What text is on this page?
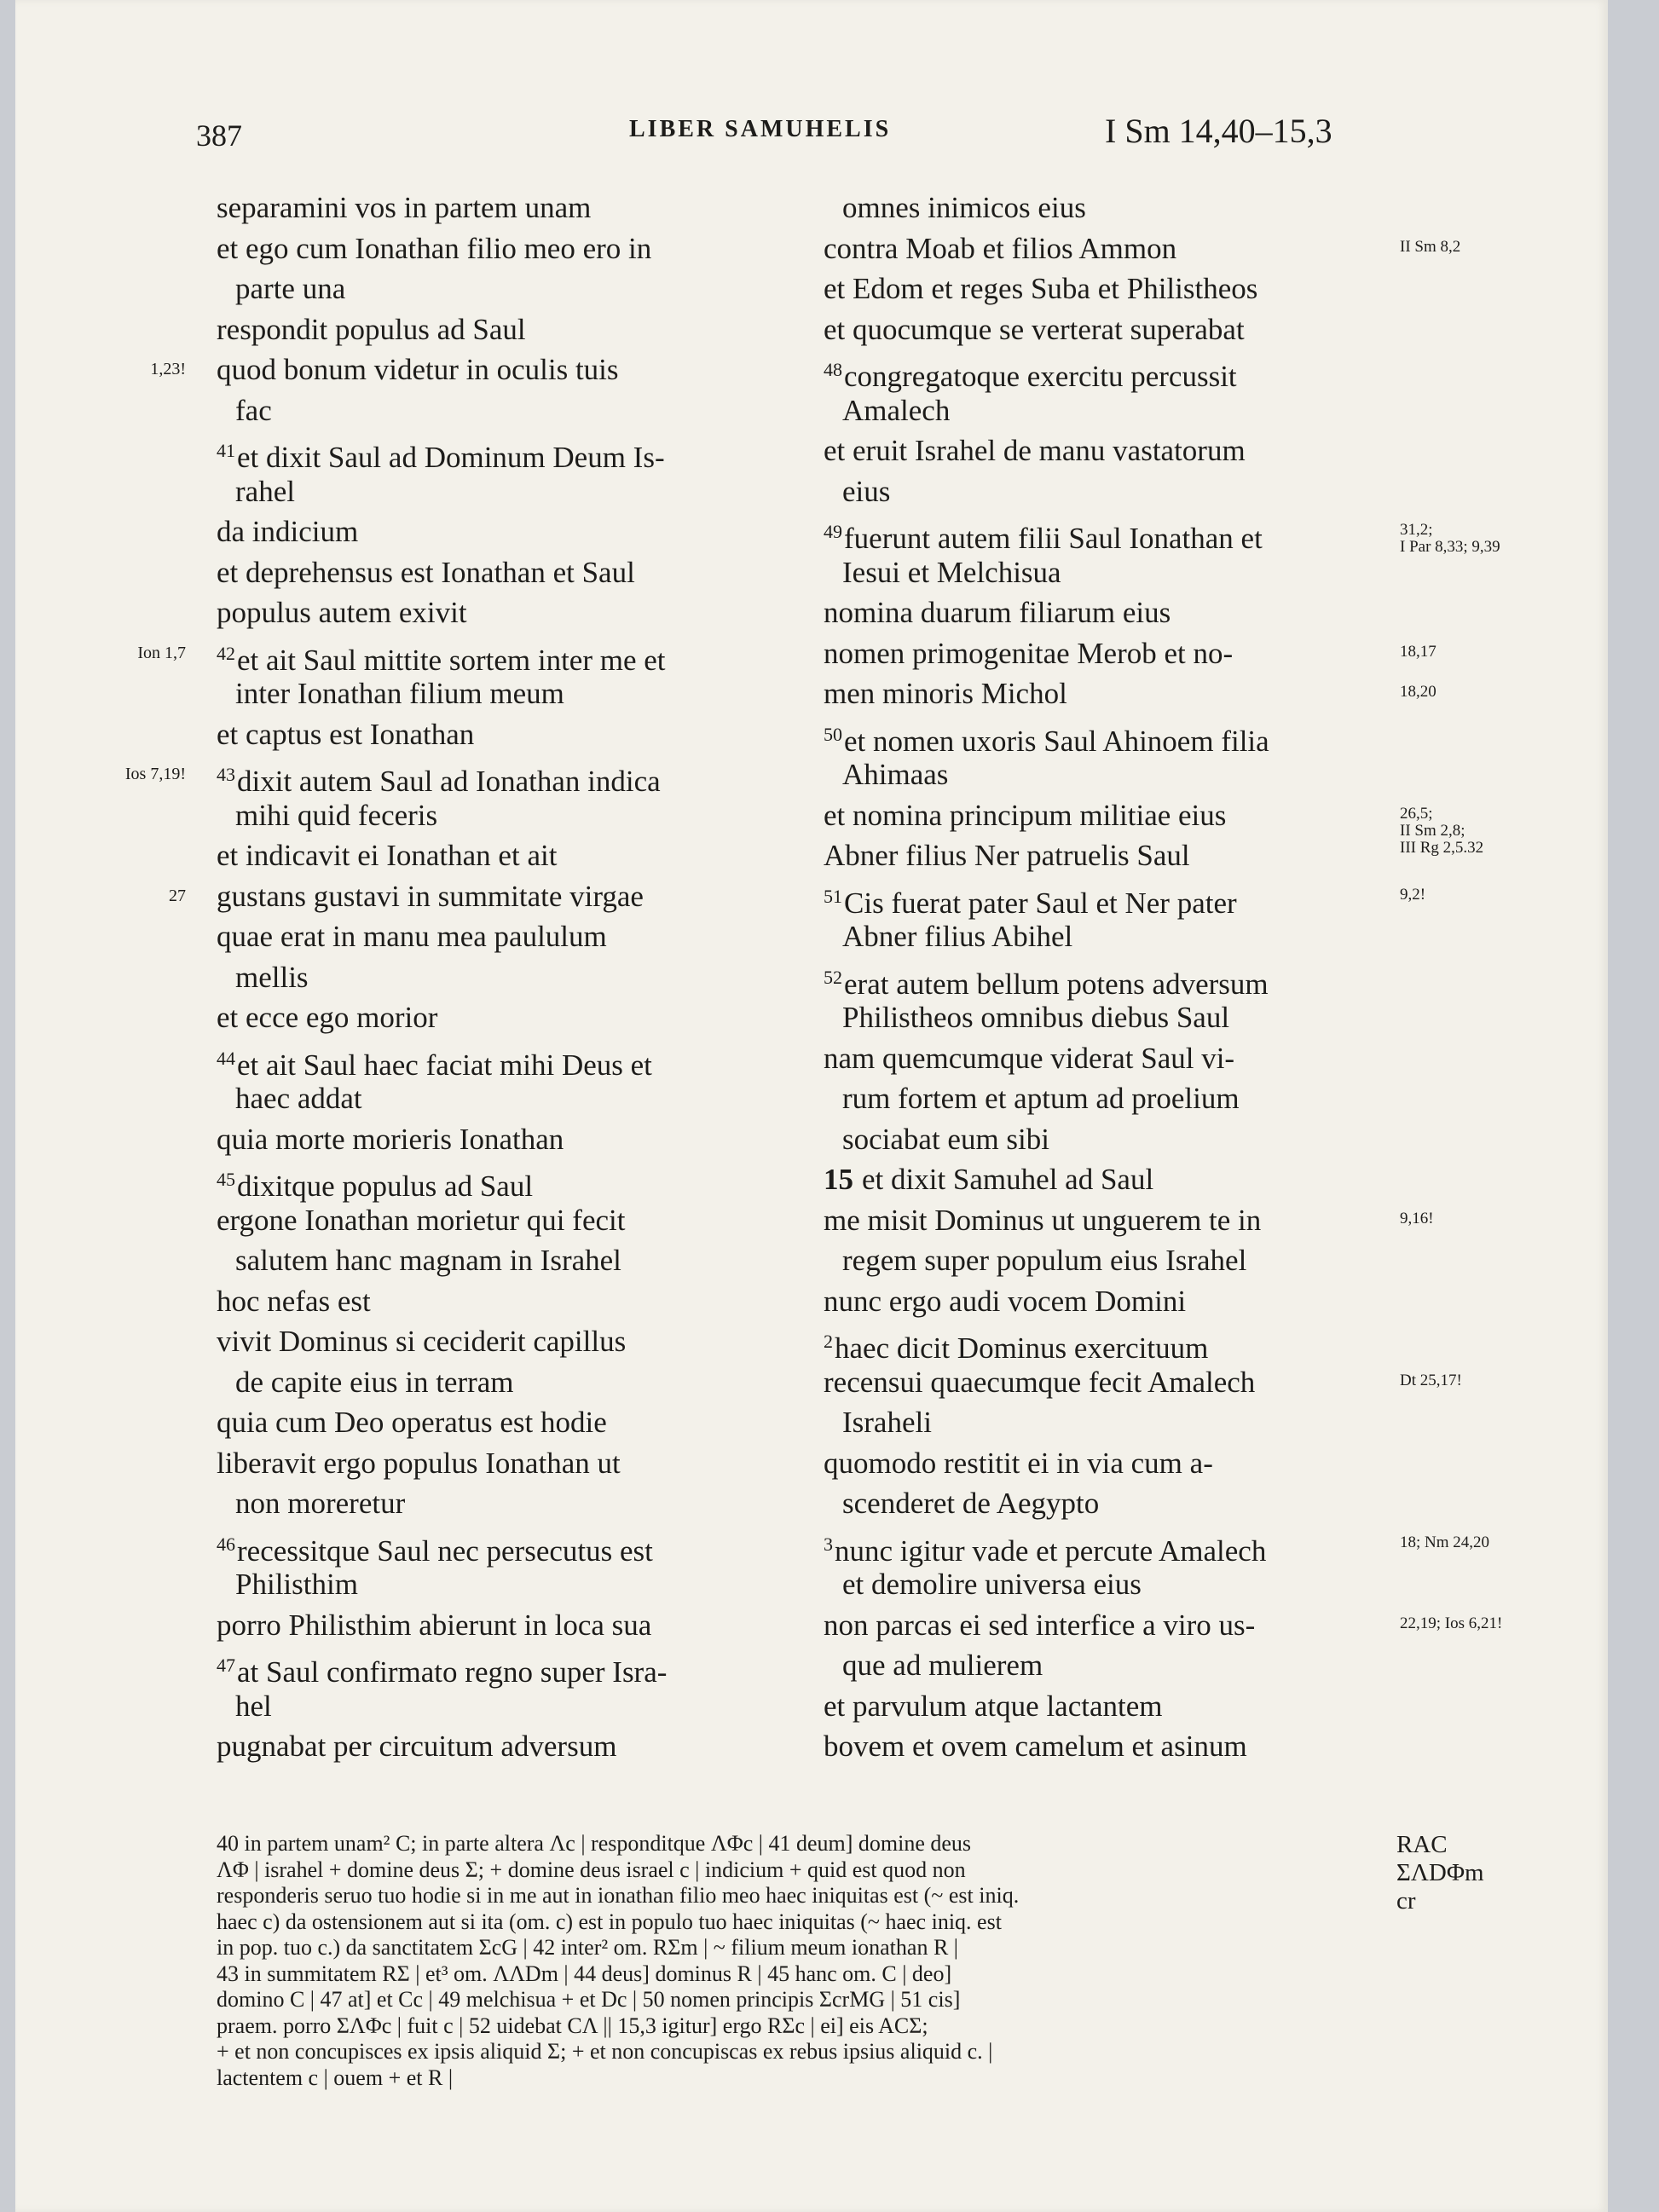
387	LIBER SAMUHELIS	I Sm 14,40–15,3
separamini vos in partem unam
et ego cum Ionathan filio meo ero in
parte una
respondit populus ad Saul
quod bonum videtur in oculis tuis
fac
$^{41}$et dixit Saul ad Dominum Deum Is-
rahel
da indicium
et deprehensus est Ionathan et Saul
populus autem exivit
$^{42}$et ait Saul mittite sortem inter me et
inter Ionathan filium meum
et captus est Ionathan
$^{43}$dixit autem Saul ad Ionathan indica
mihi quid feceris
et indicavit ei Ionathan et ait
gustans gustavi in summitate virgae
quae erat in manu mea paululum
mellis
et ecce ego morior
$^{44}$et ait Saul haec faciat mihi Deus et
haec addat
quia morte morieris Ionathan
$^{45}$dixitque populus ad Saul
ergone Ionathan morietur qui fecit
salutem hanc magnam in Israhel
hoc nefas est
vivit Dominus si ceciderit capillus
de capite eius in terram
quia cum Deo operatus est hodie
liberavit ergo populus Ionathan ut
non moreretur
$^{46}$recessitque Saul nec persecutus est
Philisthim
porro Philisthim abierunt in loca sua
$^{47}$at Saul confirmato regno super Isra-
hel
pugnabat per circuitum adversum
omnes inimicos eius
contra Moab et filios Ammon
et Edom et reges Suba et Philistheos
et quocumque se verterat superabat
$^{48}$congregatoque exercitu percussit
Amalech
et eruit Israhel de manu vastatorum
eius
$^{49}$fuerunt autem filii Saul Ionathan et
Iesui et Melchisua
nomina duarum filiarum eius
nomen primogenitae Merob et no-
men minoris Michol
$^{50}$et nomen uxoris Saul Ahinoem filia
Ahimaas
et nomina principum militiae eius
Abner filius Ner patruelis Saul
$^{51}$Cis fuerat pater Saul et Ner pater
Abner filius Abihel
$^{52}$erat autem bellum potens adversum
Philistheos omnibus diebus Saul
nam quemcumque viderat Saul vi-
rum fortem et aptum ad proelium
sociabat eum sibi
15 et dixit Samuhel ad Saul
me misit Dominus ut unguerem te in
regem super populum eius Israhel
nunc ergo audi vocem Domini
$^2$haec dicit Dominus exercituum
recensui quaecumque fecit Amalech
Israheli
quomodo restitit ei in via cum a-
scenderet de Aegypto
$^3$nunc igitur vade et percute Amalech
et demolire universa eius
non parcas ei sed interfice a viro us-
que ad mulierem
et parvulum atque lactantem
bovem et ovem camelum et asinum
1,23!
Ion 1,7
Ios 7,19!
27
II Sm 8,2
31,2;
I Par 8,33; 9,39
18,17
18,20
26,5;
II Sm 2,8;
III Rg 2,5.32
9,2!
9,16!
Dt 25,17!
18; Nm 24,20
22,19; Ios 6,21!
40 in partem unam² C; in parte altera Λc | responditque ΛΦc | 41 deum] domine deus
ΛΦ | israhel + domine deus Σ; + domine deus israel c | indicium + quid est quod non
responderis seruo tuo hodie si in me aut in ionathan filio meo haec iniquitas est (~ est iniq.
haec c) da ostensionem aut si ita (om. c) est in populo tuo haec iniquitas (~ haec iniq. est
in pop. tuo c.) da sanctitatem ΣcG | 42 inter² om. RΣm | ~ filium meum ionathan R |
43 in summitatem RΣ | et³ om. ΛΛDm | 44 deus] dominus R | 45 hanc om. C | deo]
domino C | 47 at] et Cc | 49 melchisua + et Dc | 50 nomen principis ΣcrMG | 51 cis]
praem. porro ΣΛΦc | fuit c | 52 uidebat CΛ || 15,3 igitur] ergo RΣc | ei] eis ACΣ;
+ et non concupisces ex ipsis aliquid Σ; + et non concupiscas ex rebus ipsius aliquid c. |
lactentem c | ouem + et R |
RAC
ΣΛDΦm
cr
